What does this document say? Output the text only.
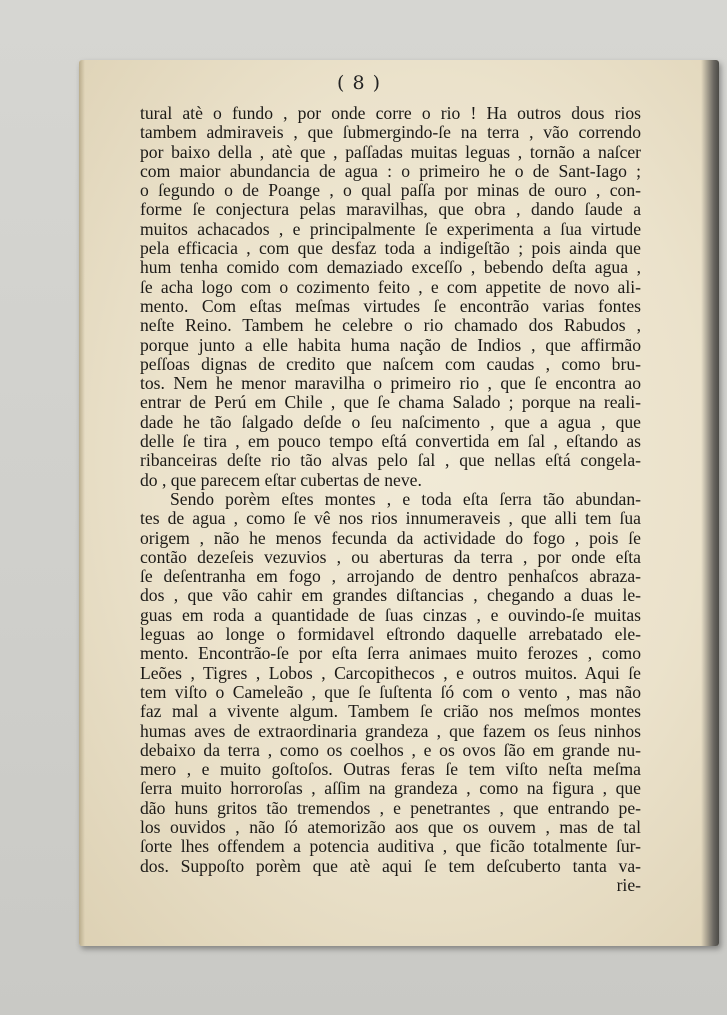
( 8 )
tural atè o fundo , por onde corre o rio ! Ha outros dous rios
tambem admiraveis , que ſubmergindo-ſe na terra , vão correndo
por baixo della , atè que , paſſadas muitas leguas , tornão a naſcer
com maior abundancia de agua : o primeiro he o de Sant-Iago ;
o ſegundo o de Poange , o qual paſſa por minas de ouro , con-
forme ſe conjectura pelas maravilhas, que obra , dando ſaude a
muitos achacados , e principalmente ſe experimenta a ſua virtude
pela efficacia , com que desfaz toda a indigeſtão ; pois ainda que
hum tenha comido com demaziado exceſſo , bebendo deſta agua ,
ſe acha logo com o cozimento feito , e com appetite de novo ali-
mento. Com eſtas meſmas virtudes ſe encontrão varias fontes
neſte Reino. Tambem he celebre o rio chamado dos Rabudos ,
porque junto a elle habita huma nação de Indios , que affirmão
peſſoas dignas de credito que naſcem com caudas , como bru-
tos. Nem he menor maravilha o primeiro rio , que ſe encontra ao
entrar de Perú em Chile , que ſe chama Salado ; porque na reali-
dade he tão ſalgado deſde o ſeu naſcimento , que a agua , que
delle ſe tira , em pouco tempo eſtá convertida em ſal , eſtando as
ribanceiras deſte rio tão alvas pelo ſal , que nellas eſtá congela-
do , que parecem eſtar cubertas de neve.
Sendo porèm eſtes montes , e toda eſta ſerra tão abundan-
tes de agua , como ſe vê nos rios innumeraveis , que alli tem ſua
origem , não he menos fecunda da actividade do fogo , pois ſe
contão dezeſeis vezuvios , ou aberturas da terra , por onde eſta
ſe deſentranha em fogo , arrojando de dentro penhaſcos abraza-
dos , que vão cahir em grandes diſtancias , chegando a duas le-
guas em roda a quantidade de ſuas cinzas , e ouvindo-ſe muitas
leguas ao longe o formidavel eſtrondo daquelle arrebatado ele-
mento. Encontrão-ſe por eſta ſerra animaes muito ferozes , como
Leões , Tigres , Lobos , Carcopithecos , e outros muitos. Aqui ſe
tem viſto o Cameleão , que ſe ſuſtenta ſó com o vento , mas não
faz mal a vivente algum. Tambem ſe crião nos meſmos montes
humas aves de extraordinaria grandeza , que fazem os ſeus ninhos
debaixo da terra , como os coelhos , e os ovos ſão em grande nu-
mero , e muito goſtoſos. Outras feras ſe tem viſto neſta meſma
ſerra muito horroroſas , aſſim na grandeza , como na figura , que
dão huns gritos tão tremendos , e penetrantes , que entrando pe-
los ouvidos , não ſó atemorizão aos que os ouvem , mas de tal
ſorte lhes offendem a potencia auditiva , que ficão totalmente ſur-
dos. Suppoſto porèm que atè aqui ſe tem deſcuberto tanta va-
rie-
